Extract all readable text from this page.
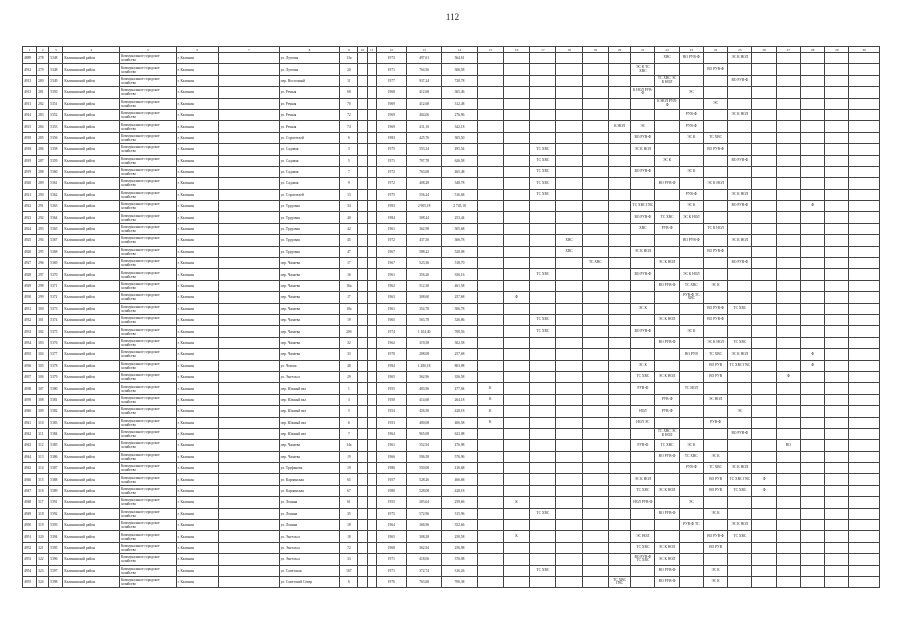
112
1	2	3	4	5	6	7	8	9	10	11	12	13	14	15	16	17	18	19	20	21	22	23	24	25	26	27	28	29	30
4889	278	5348	Калининский район	Коммунальное городское хозяйство	г. Калинин		ул. Луговая	13а			1973	497,61	564,61								ХВС	ВО РУВ-Ф		ЭС К НОЛ					

4912	279	5348	Калининский район	Коммунальное городское хозяйство	г. Калинин		ул. Луговая	20			1971	764,56	306,58							ЭС К ТС ХВС			ВО РУВ-Ф						

4913	280	5349	Калининский район	Коммунальное городское хозяйство	г. Калинин		пер. Восточный	11			1977	937,24	728,78								ТС ХВС ЭС К НОЛ			ВО РУВ-Ф					

4913	281	5350	Калининский район	Коммунальное городское хозяйство	г. Калинин		ул. Речная	68			1968	412,68	365,46							К НОЛ РУВ-Ф		ЭС							

4913	282	5351	Калининский район	Коммунальное городское хозяйство	г. Калинин		ул. Речная	70			1969	412,68	312,48								К НОЛ РУВ-Ф		ЭС						

4914	283	5352	Калининский район	Коммунальное городское хозяйство	г. Калинин		ул. Речная	72			1969	404,06	276,96									РУВ-Ф		ЭС К НОЛ					

4915	284	5353	Калининский район	Коммунальное городское хозяйство	г. Калинин		ул. Речная	74			1969	411,10	342,18						К НОЛ	ЭС		РУВ-Ф							

4918	285	5356	Калининский район	Коммунальное городское хозяйство	г. Калинин		ул. Строителей	6			1983	425,76	305,50							ВО РУВ-Ф		ЭС К	ТС ХВС						

4918	286	5358	Калининский район	Коммунальное городское хозяйство	г. Калинин		ул. Садовая	3			1975	553,34	495,54			ТС ХВС				ЭС К НОЛ			ВО РУВ-Ф						

4919	287	5359	Калининский район	Коммунальное городское хозяйство	г. Калинин		ул. Садовая	5			1971	797,78	626,58			ТС ХВС					ЭС К			ВО РУВ-Ф					

4919	288	5360	Калининский район	Коммунальное городское хозяйство	г. Калинин		ул. Садовая	7			1972	763,68	465,48			ТС ХВС				ВО РУВ-Ф		ЭС К							

4920	289	5361	Калининский район	Коммунальное городское хозяйство	г. Калинин		ул. Садовая	9			1972	408,28	348,78			ТС ХВС					ВО РУВ-Ф		ЭС К НОЛ						

4921	290	5362	Калининский район	Коммунальное городское хозяйство	г. Калинин		ул. Строителей	13			1975	556,24	516,68			ТС ХВС						РУВ-Ф		ЭС К НОЛ					

4922	291	5363	Калининский район	Коммунальное городское хозяйство	г. Калинин		ул. Трудовая	34			1993	2 905,18	2 745,18							ТС ХВС ГВС		ЭС К		ВО РУВ-Ф			Ф		

4923	292	5364	Калининский район	Коммунальное городское хозяйство	г. Калинин		ул. Трудовая	40			1984	308,24	253,44							ВО РУВ-Ф	ТС ХВС	ЭС К НОЛ							

4924	293	5365	Калининский район	Коммунальное городское хозяйство	г. Калинин		ул. Трудовая	42			1961	362,98	305,68							ХВС	РУВ-Ф		ТС К НОЛ						

4925	294	5367	Калининский район	Коммунальное городское хозяйство	г. Калинин		ул. Трудовая	45			1972	437,56	366,78				ХВС					ВО РУВ-Ф		ЭС К НОЛ					

4926	295	5368	Калининский район	Коммунальное городское хозяйство	г. Калинин		ул. Трудовая	47			1967	588,22	528,08				ХВС			ЭС К НОЛ			ВО РУВ-Ф						

4927	296	5369	Калининский район	Коммунальное городское хозяйство	г. Калинин		пер. Чапаева	17			1967	523,36	518,70					ТС ХВС			ЭС К НОЛ			ВО РУВ-Ф					

4928	297	5370	Калининский район	Коммунальное городское хозяйство	г. Калинин		пер. Чапаева	16			1961	356,26	356,16			ТС ХВС				ВО РУВ-Ф		ЭС К НОЛ							

4929	298	5371	Калининский район	Коммунальное городское хозяйство	г. Калинин		пер. Чапаева	16а			1962	512,38	461,58								ВО РУВ-Ф	ТС ХВС	ЭС К						

4930	299	5372	Калининский район	Коммунальное городское хозяйство	г. Калинин		пер. Чапаева	17			1963	308,60	257,68		Ф							РУВ-Ф ТС ХВС							

4931	300	5373	Калининский район	Коммунальное городское хозяйство	г. Калинин		пер. Чапаева	18а			1961	354,78	306,78							ЭС К			ВО РУВ-Ф	ТС ХВС					

4932	301	5374	Калининский район	Коммунальное городское хозяйство	г. Калинин		пер. Чапаева	19			1965	563,78	526,86			ТС ХВС					ЭС К НОЛ		ВО РУВ-Ф						

4933	302	5375	Калининский район	Коммунальное городское хозяйство	г. Калинин		пер. Чапаева	20б			1974	1 104,40	708,56			ТС ХВС				ВО РУВ-Ф		ЭС К							

4934	303	5376	Калининский район	Коммунальное городское хозяйство	г. Калинин		пер. Чапаева	32			1962	319,58	302,58								ВО РУВ-Ф		ЭС К НОЛ	ТС ХВС					

4935	304	5377	Калининский район	Коммунальное городское хозяйство	г. Калинин		пер. Чапаева	33			1970	288,08	257,68									ВО РУВ	ТС ХВС	ЭС К НОЛ			Ф		

4936	305	5378	Калининский район	Коммунальное городское хозяйство	г. Калинин		ул. Чехова	48			1994	1 280,18	803,08							ЭС К			ВО РУВ	ТС ХВС ГВС			Ф		

4937	306	5379	Калининский район	Коммунальное городское хозяйство	г. Калинин		ул. Энгельса	29			1965	362,96	356,58							ТС ХВС	ЭС К НОЛ		ВО РУВ			Ф			

4938	307	5380	Калининский район	Коммунальное городское хозяйство	г. Калинин		пер. Южный вал	1			1955	483,96	477,04	К						РУВ-Ф		ТС НОЛ							

4939	308	5381	Калининский район	Коммунальное городское хозяйство	г. Калинин		пер. Южный вал	3			1950	414,68	264,18	К							РУВ-Ф		ЭС НОЛ						

4940	309	5382	Калининский район	Коммунальное городское хозяйство	г. Калинин		пер. Южный вал	5			1954	456,58	428,18	К						НОЛ	РУВ-Ф			ЭС					

4941	310	5383	Калининский район	Коммунальное городское хозяйство	г. Калинин		пер. Южный вал	6			1953	480,08	406,58	К						НОЛ ЭС			РУВ-Ф						

4942	311	5384	Калининский район	Коммунальное городское хозяйство	г. Калинин		пер. Южный вал	7			1964	965,08	623,08								ТС ХВС ЭС К НОЛ			ВО РУВ-Ф					

4943	312	5385	Калининский район	Коммунальное городское хозяйство	г. Калинин		пер. Чапаева	14а			1961	552,94	476,98							РУВ-Ф	ТС ХВС	ЭС К				ВО			

4944	313	5386	Калининский район	Коммунальное городское хозяйство	г. Калинин		пер. Чапаева	19			1966	596,58	576,96								ВО РУВ-Ф	ТС ХВС	ЭС К						

4945	314	5387	Калининский район	Коммунальное городское хозяйство	г. Калинин		ул. Труфанова	19			1986	550,08	416,68									РУВ-Ф	ТС ХВС	ЭС К НОЛ					

4946	315	5388	Калининский район	Коммунальное городское хозяйство	г. Калинин		ул. Карпинская	65			1957	528,26	466,68							ЭС К НОЛ			ВО РУВ	ТС ХВС ГВС	Ф				

4947	316	5389	Калининский район	Коммунальное городское хозяйство	г. Калинин		ул. Карпинская	67			1980	528,08	428,18							ТС ХВС	ЭС К НОЛ		ВО РУВ	ТС ХВС	Ф				

4948	317	5391	Калининский район	Коммунальное городское хозяйство	г. Калинин		ул. Ленина	61			1955	283,64	259,66		К					НОЛ РУВ-Ф		ЭС							

4949	318	5392	Калининский район	Коммунальное городское хозяйство	г. Калинин		ул. Ленина	35			1975	572,96	315,96			ТС ХВС					ВО РУВ-Ф		ЭС К						

4950	319	5393	Калининский район	Коммунальное городское хозяйство	г. Калинин		ул. Ленина	18			1964	366,96	352,66									РУВ-Ф ТС		ЭС К НОЛ					

4951	320	5394	Калининский район	Коммунальное городское хозяйство	г. Калинин		ул. Энгельса	18			1965	308,28	258,58		К					ЭС НОЛ			ВО РУВ-Ф	ТС ХВС					

4952	321	5395	Калининский район	Коммунальное городское хозяйство	г. Калинин		ул. Энгельса	72			1968	362,94	256,98							ТС ХВС	ЭС К НОЛ		ВО РУВ						

4953	322	5396	Калининский район	Коммунальное городское хозяйство	г. Калинин		ул. Энгельса	33			1971	418,06	376,08							ВО РУВ-Ф ТС ХВС	ЭС К НОЛ								

4954	323	5397	Калининский район	Коммунальное городское хозяйство	г. Калинин		ул. Советская	167			1971	372,74	316,26			ТС ХВС					ВО РУВ-Ф		ЭС К						

4955	324	5398	Калининский район	Коммунальное городское хозяйство	г. Калинин		ул. Советский Север	6			1976	763,68	706,38						ТС ХВС ГВС		ВО РУВ-Ф		ЭС К						
